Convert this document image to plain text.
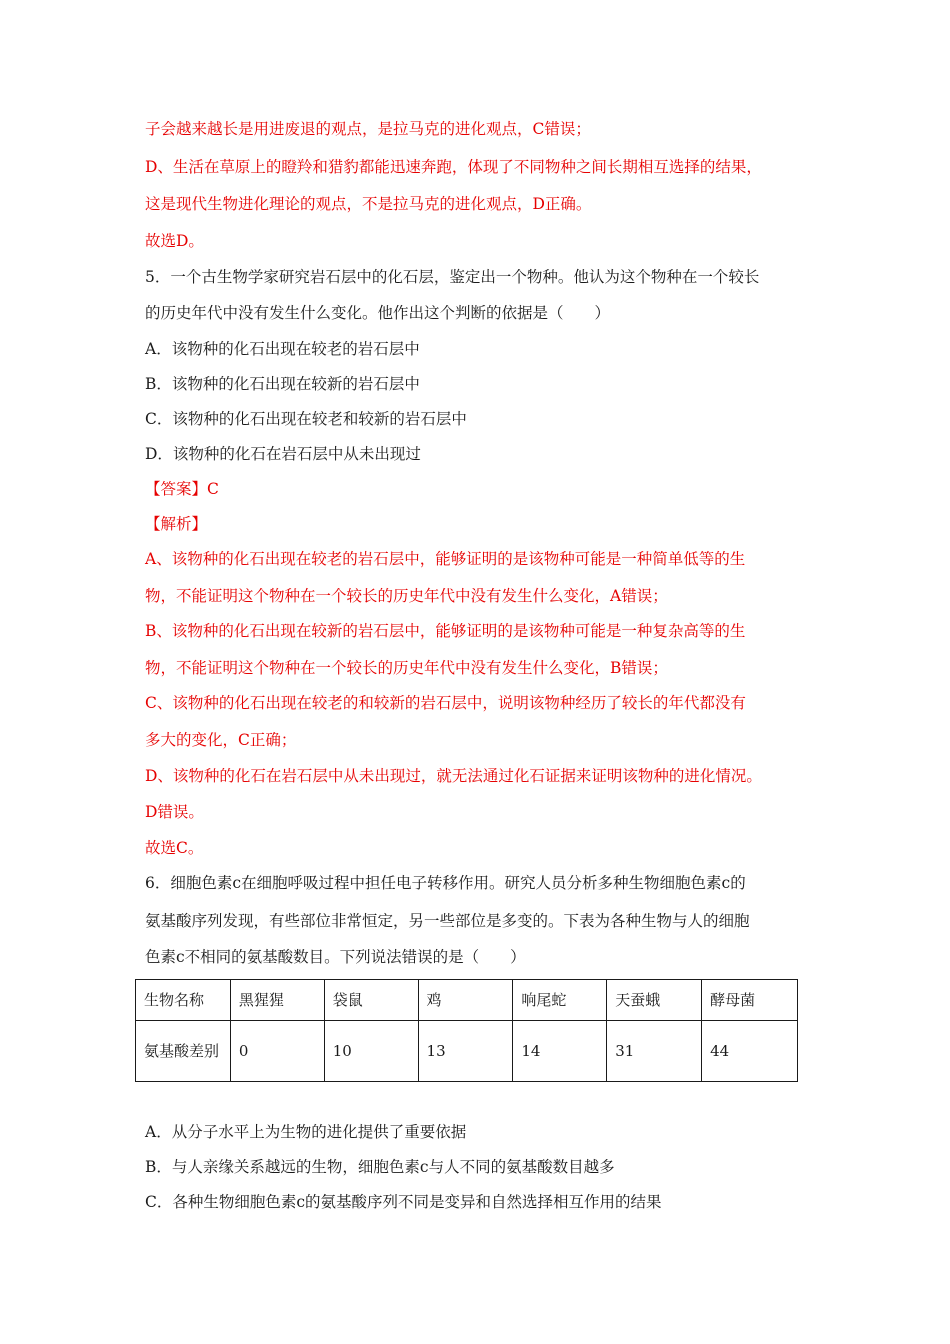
子会越来越长是用进废退的观点，是拉马克的进化观点，C错误；
D、生活在草原上的瞪羚和猎豹都能迅速奔跑，体现了不同物种之间长期相互选择的结果，
这是现代生物进化理论的观点，不是拉马克的进化观点，D正确。
故选D。
5．一个古生物学家研究岩石层中的化石层，鉴定出一个物种。他认为这个物种在一个较长
的历史年代中没有发生什么变化。他作出这个判断的依据是（　　）
A．该物种的化石出现在较老的岩石层中
B．该物种的化石出现在较新的岩石层中
C．该物种的化石出现在较老和较新的岩石层中
D．该物种的化石在岩石层中从未出现过
【答案】C
【解析】
A、该物种的化石出现在较老的岩石层中，能够证明的是该物种可能是一种简单低等的生
物，不能证明这个物种在一个较长的历史年代中没有发生什么变化，A错误；
B、该物种的化石出现在较新的岩石层中，能够证明的是该物种可能是一种复杂高等的生
物，不能证明这个物种在一个较长的历史年代中没有发生什么变化，B错误；
C、该物种的化石出现在较老的和较新的岩石层中，说明该物种经历了较长的年代都没有
多大的变化，C正确；
D、该物种的化石在岩石层中从未出现过，就无法通过化石证据来证明该物种的进化情况。
D错误。
故选C。
6．细胞色素c在细胞呼吸过程中担任电子转移作用。研究人员分析多种生物细胞色素c的
氨基酸序列发现，有些部位非常恒定，另一些部位是多变的。下表为各种生物与人的细胞
色素c不相同的氨基酸数目。下列说法错误的是（　　）
生物名称	黑猩猩	袋鼠	鸡	响尾蛇	天蚕蛾	酵母菌
氨基酸差别	0	10	13	14	31	44
A．从分子水平上为生物的进化提供了重要依据
B．与人亲缘关系越远的生物，细胞色素c与人不同的氨基酸数目越多
C．各种生物细胞色素c的氨基酸序列不同是变异和自然选择相互作用的结果
